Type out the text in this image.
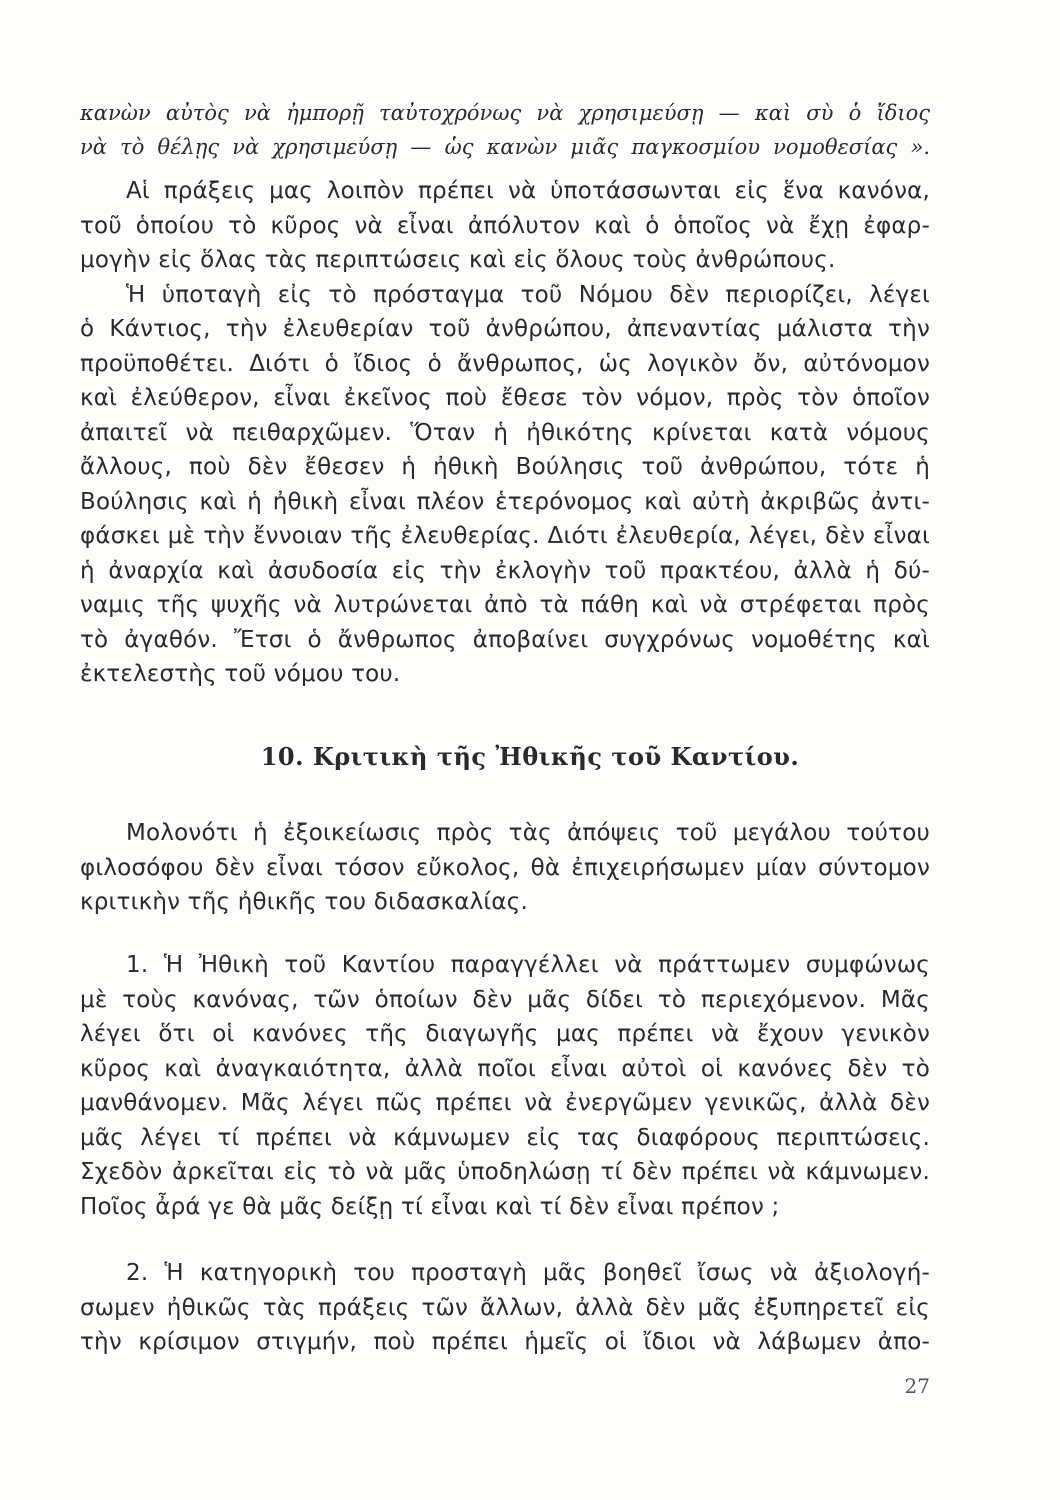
κανὼν αὐτὸς νὰ ἠμπορῇ ταὐτοχρόνως νὰ χρησιμεύσῃ — καὶ σὺ ὁ ἴδιος
νὰ τὸ θέλῃς νὰ χρησιμεύσῃ — ὡς κανὼν μιᾶς παγκοσμίου νομοθεσίας ».
Αἱ πράξεις μας λοιπὸν πρέπει νὰ ὑποτάσσωνται εἰς ἕνα κανόνα,
τοῦ ὁποίου τὸ κῦρος νὰ εἶναι ἀπόλυτον καὶ ὁ ὁποῖος νὰ ἔχῃ ἐφαρ-
μογὴν εἰς ὅλας τὰς περιπτώσεις καὶ εἰς ὅλους τοὺς ἀνθρώπους.
Ἡ ὑποταγὴ εἰς τὸ πρόσταγμα τοῦ Νόμου δὲν περιορίζει, λέγει
ὁ Κάντιος, τὴν ἐλευθερίαν τοῦ ἀνθρώπου, ἀπεναντίας μάλιστα τὴν
προϋποθέτει. Διότι ὁ ἴδιος ὁ ἄνθρωπος, ὡς λογικὸν ὄν, αὐτόνομον
καὶ ἐλεύθερον, εἶναι ἐκεῖνος ποὺ ἔθεσε τὸν νόμον, πρὸς τὸν ὁποῖον
ἀπαιτεῖ νὰ πειθαρχῶμεν. Ὅταν ἡ ἠθικότης κρίνεται κατὰ νόμους
ἄλλους, ποὺ δὲν ἔθεσεν ἡ ἠθικὴ Βούλησις τοῦ ἀνθρώπου, τότε ἡ
Βούλησις καὶ ἡ ἠθικὴ εἶναι πλέον ἑτερόνομος καὶ αὐτὴ ἀκριβῶς ἀντι-
φάσκει μὲ τὴν ἔννοιαν τῆς ἐλευθερίας. Διότι ἐλευθερία, λέγει, δὲν εἶναι
ἡ ἀναρχία καὶ ἀσυδοσία εἰς τὴν ἐκλογὴν τοῦ πρακτέου, ἀλλὰ ἡ δύ-
ναμις τῆς ψυχῆς νὰ λυτρώνεται ἀπὸ τὰ πάθη καὶ νὰ στρέφεται πρὸς
τὸ ἀγαθόν. Ἔτσι ὁ ἄνθρωπος ἀποβαίνει συγχρόνως νομοθέτης καὶ
ἐκτελεστὴς τοῦ νόμου του.
10. Κριτικὴ τῆς Ἠθικῆς τοῦ Καντίου.
Μολονότι ἡ ἐξοικείωσις πρὸς τὰς ἀπόψεις τοῦ μεγάλου τούτου
φιλοσόφου δὲν εἶναι τόσον εὔκολος, θὰ ἐπιχειρήσωμεν μίαν σύντομον
κριτικὴν τῆς ἠθικῆς του διδασκαλίας.
1. Ἡ Ἠθικὴ τοῦ Καντίου παραγγέλλει νὰ πράττωμεν συμφώνως
μὲ τοὺς κανόνας, τῶν ὁποίων δὲν μᾶς δίδει τὸ περιεχόμενον. Μᾶς
λέγει ὅτι οἱ κανόνες τῆς διαγωγῆς μας πρέπει νὰ ἔχουν γενικὸν
κῦρος καὶ ἀναγκαιότητα, ἀλλὰ ποῖοι εἶναι αὐτοὶ οἱ κανόνες δὲν τὸ
μανθάνομεν. Μᾶς λέγει πῶς πρέπει νὰ ἐνεργῶμεν γενικῶς, ἀλλὰ δὲν
μᾶς λέγει τί πρέπει νὰ κάμνωμεν εἰς τας διαφόρους περιπτώσεις.
Σχεδὸν ἀρκεῖται εἰς τὸ νὰ μᾶς ὑποδηλώσῃ τί δὲν πρέπει νὰ κάμνωμεν.
Ποῖος ἆρά γε θὰ μᾶς δείξῃ τί εἶναι καὶ τί δὲν εἶναι πρέπον ;
2. Ἡ κατηγορικὴ του προσταγὴ μᾶς βοηθεῖ ἴσως νὰ ἀξιολογή-
σωμεν ἠθικῶς τὰς πράξεις τῶν ἄλλων, ἀλλὰ δὲν μᾶς ἐξυπηρετεῖ εἰς
τὴν κρίσιμον στιγμήν, ποὺ πρέπει ἡμεῖς οἱ ἴδιοι νὰ λάβωμεν ἀπο-
27
